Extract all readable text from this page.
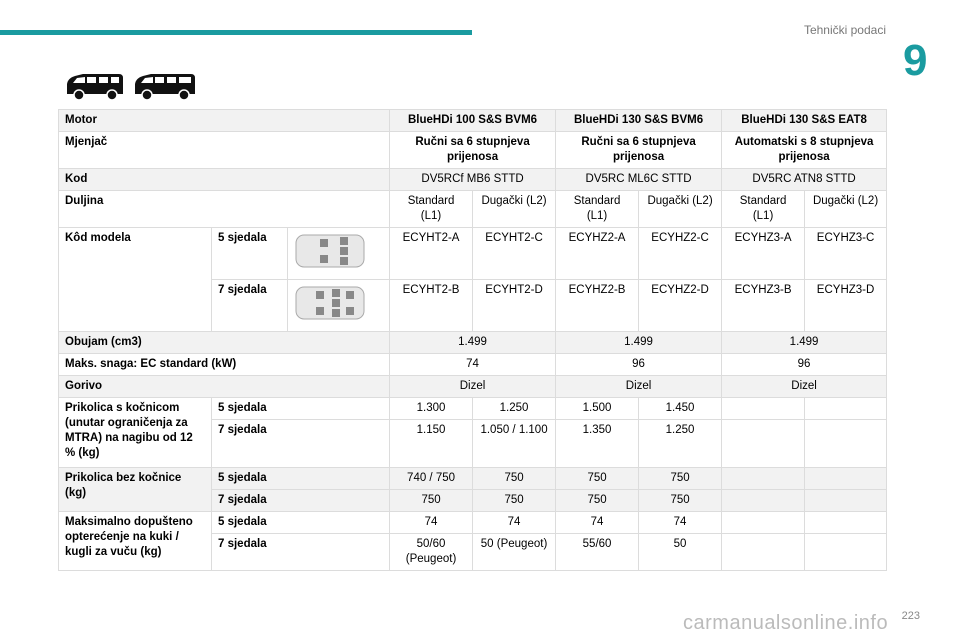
Tehnički podaci
9
Motor			BlueHDi 100 S&S BVM6		BlueHDi 130 S&S BVM6		BlueHDi 130 S&S EAT8	
Mjenjač			Ručni sa 6 stupnjeva prijenosa		Ručni sa 6 stupnjeva prijenosa		Automatski s 8 stupnjeva prijenosa	
Kod			DV5RCf MB6 STTD		DV5RC ML6C STTD		DV5RC ATN8 STTD	
Duljina			Standard (L1)	Dugački (L2)	Standard (L1)	Dugački (L2)	Standard (L1)	Dugački (L2)
Kôd modela	5 sjedala		ECYHT2-A	ECYHT2-C	ECYHZ2-A	ECYHZ2-C	ECYHZ3-A	ECYHZ3-C
	7 sjedala		ECYHT2-B	ECYHT2-D	ECYHZ2-B	ECYHZ2-D	ECYHZ3-B	ECYHZ3-D
Obujam (cm3)			1.499		1.499		1.499	
Maks. snaga: EC standard (kW)			74		96		96	
Gorivo			Dizel		Dizel		Dizel	
Prikolica s kočnicom (unutar ograničenja za MTRA) na nagibu od 12 % (kg)	5 sjedala		1.300	1.250	1.500	1.450		
	7 sjedala		1.150	1.050 / 1.100	1.350	1.250		
Prikolica bez kočnice (kg)	5 sjedala		740 / 750	750	750	750		
	7 sjedala		750	750	750	750		
Maksimalno dopušteno opterećenje na kuki / kugli za vuču (kg)	5 sjedala		74	74	74	74		
	7 sjedala		50/60 (Peugeot)	50 (Peugeot)	55/60	50		
carmanualsonline.info 223
